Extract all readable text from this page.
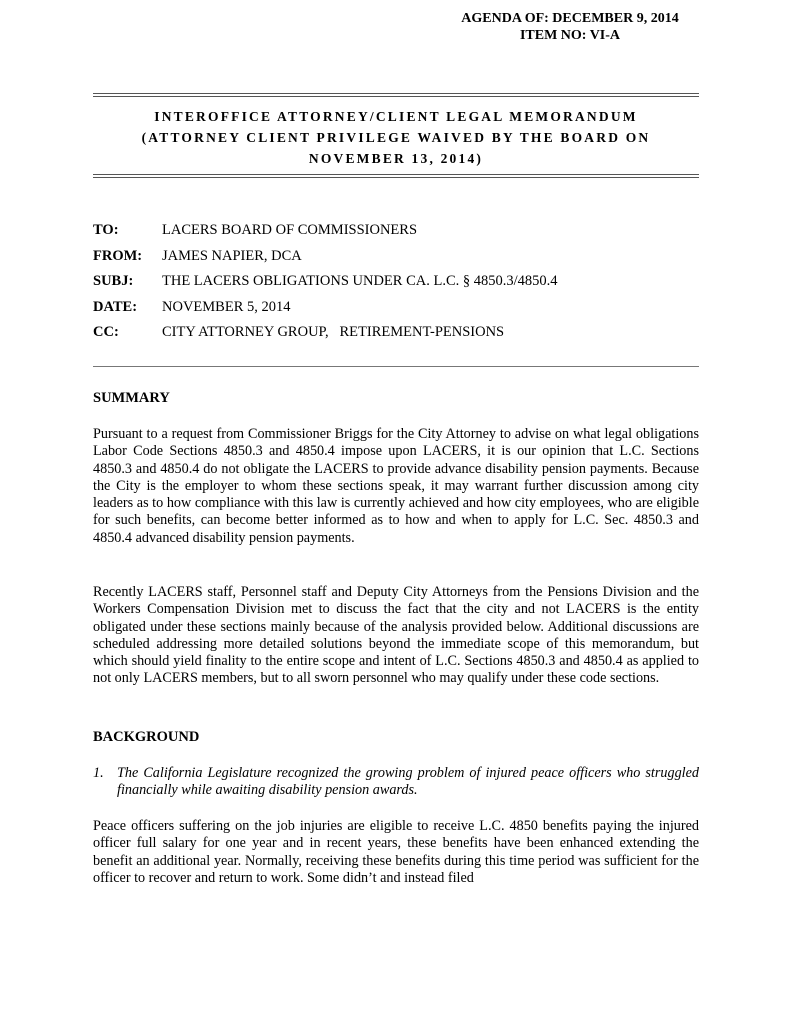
AGENDA OF: DECEMBER 9, 2014
ITEM NO: VI-A
INTEROFFICE ATTORNEY/CLIENT LEGAL MEMORANDUM
(ATTORNEY CLIENT PRIVILEGE WAIVED BY THE BOARD ON
NOVEMBER 13, 2014)
TO:	LACERS BOARD OF COMMISSIONERS
FROM:	JAMES NAPIER, DCA
SUBJ:	THE LACERS OBLIGATIONS UNDER CA. L.C. § 4850.3/4850.4
DATE:	NOVEMBER 5, 2014
CC:	CITY ATTORNEY GROUP,   RETIREMENT-PENSIONS
SUMMARY

Pursuant to a request from Commissioner Briggs for the City Attorney to advise on what legal obligations Labor Code Sections 4850.3 and 4850.4 impose upon LACERS, it is our opinion that L.C. Sections 4850.3 and 4850.4 do not obligate the LACERS to provide advance disability pension payments. Because the City is the employer to whom these sections speak, it may warrant further discussion among city leaders as to how compliance with this law is currently achieved and how city employees, who are eligible for such benefits, can become better informed as to how and when to apply for L.C. Sec. 4850.3 and 4850.4 advanced disability pension payments.

Recently LACERS staff, Personnel staff and Deputy City Attorneys from the Pensions Division and the Workers Compensation Division met to discuss the fact that the city and not LACERS is the entity obligated under these sections mainly because of the analysis provided below. Additional discussions are scheduled addressing more detailed solutions beyond the immediate scope of this memorandum, but which should yield finality to the entire scope and intent of L.C. Sections 4850.3 and 4850.4 as applied to not only LACERS members, but to all sworn personnel who may qualify under these code sections.

BACKGROUND
1. The California Legislature recognized the growing problem of injured peace officers who struggled financially while awaiting disability pension awards.

Peace officers suffering on the job injuries are eligible to receive L.C. 4850 benefits paying the injured officer full salary for one year and in recent years, these benefits have been enhanced extending the benefit an additional year. Normally, receiving these benefits during this time period was sufficient for the officer to recover and return to work. Some didn’t and instead filed
